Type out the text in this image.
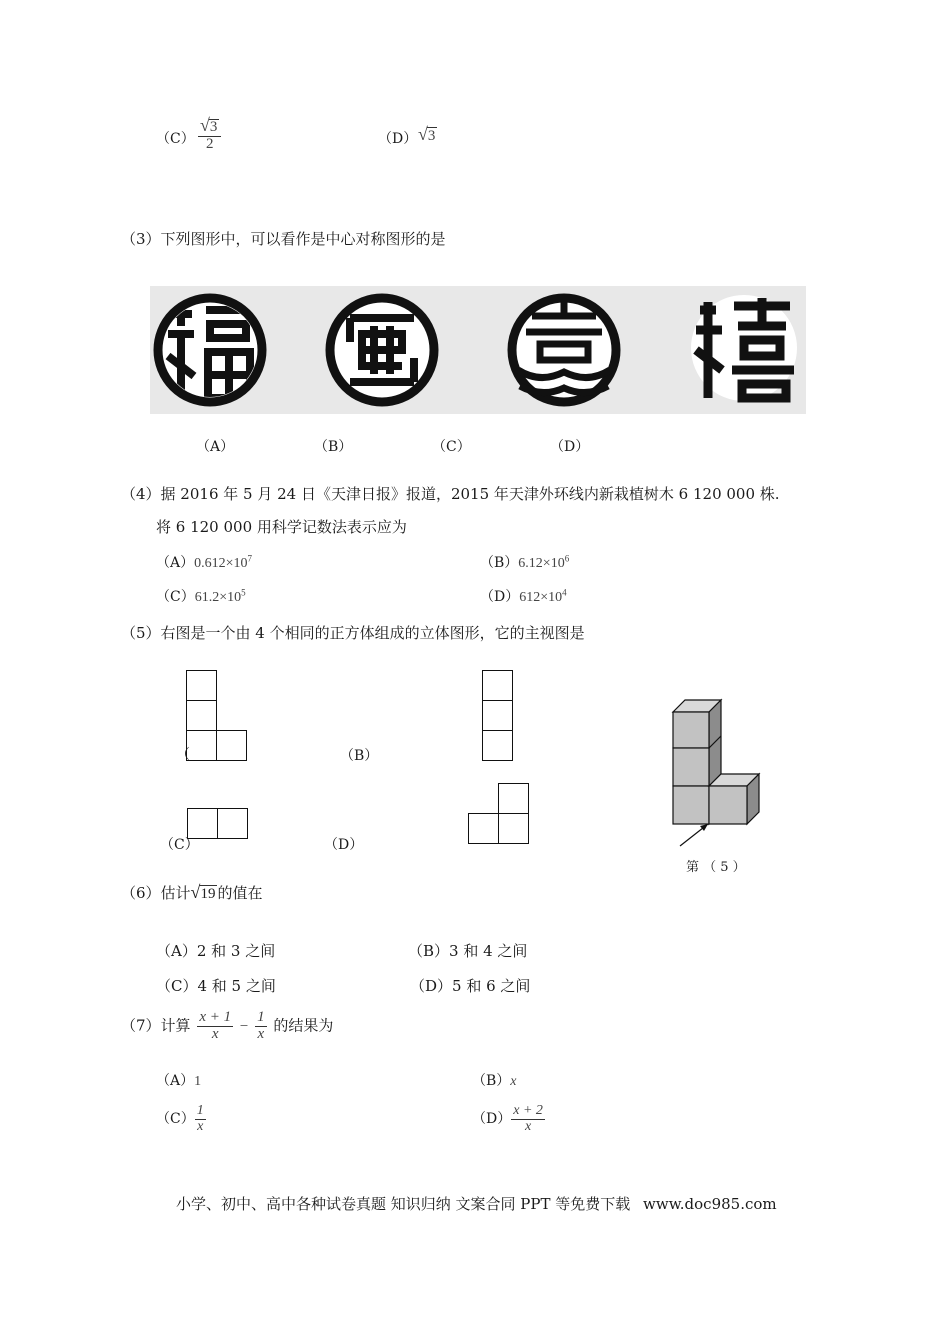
$(C) \frac{√3}{2}$	（D） √3
（3）下列图形中，可以看作是中心对称图形的是
（A）	（B）	（C）	（D）
（4）据 2016 年 5 月 24 日《天津日报》报道，2015 年天津外环线内新栽植树木 6 120 000 株.
将 6 120 000 用科学记数法表示应为
$(A)0.612\times 10^7$	$(B)6.12\times 10^6$
$(C)61.2\times 10^5$	$(D)612\times 10^4$
（5）右图是一个由 4 个相同的正方体组成的立体图形，它的主视图是
（	（B）
（C）	（D）
第 （ 5 ）
（6）估计√19 的值在
（A）2 和 3 之间	（B）3 和 4 之间
（C）4 和 5 之间	（D）5 和 6 之间
（7）计算 $\frac{x + 1}{x} - \frac{1}{x}$ 的结果为
（A）1	（B）x
$(C) \frac{1}{x}$	$(D) \frac{x + 2}{x}$
小学、初中、高中各种试卷真题 知识归纳 文案合同 PPT 等免费下载 www.doc985.com
